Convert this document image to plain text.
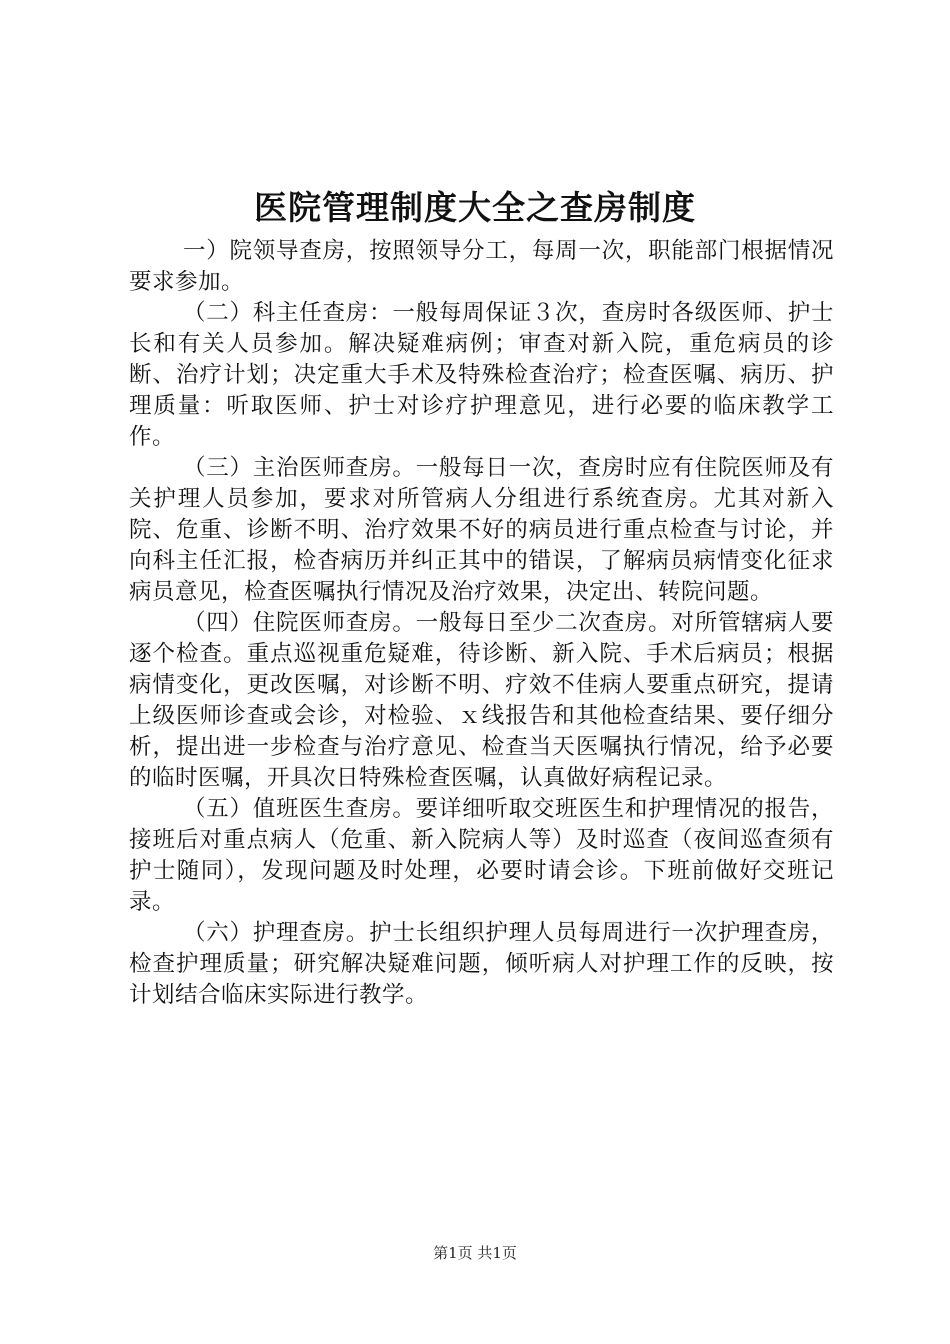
医院管理制度大全之查房制度

一）院领导查房，按照领导分工，每周一次，职能部门根据情况要求参加。

（二）科主任查房：一般每周保证３次，查房时各级医师、护士长和有关人员参加。解决疑难病例；审查对新入院，重危病员的诊断、治疗计划；决定重大手术及特殊检查治疗；检查医嘱、病历、护理质量：听取医师、护士对诊疗护理意见，进行必要的临床教学工作。

（三）主治医师查房。一般每日一次，查房时应有住院医师及有关护理人员参加，要求对所管病人分组进行系统查房。尤其对新入院、危重、诊断不明、治疗效果不好的病员进行重点检查与讨论，并向科主任汇报，检杳病历并纠正其中的错误，了解病员病情变化征求病员意见，检查医嘱执行情况及治疗效果，决定出、转院问题。

（四）住院医师查房。一般每日至少二次查房。对所管辖病人要逐个检查。重点巡视重危疑难，待诊断、新入院、手术后病员；根据病情变化，更改医嘱，对诊断不明、疗效不佳病人要重点研究，提请上级医师诊查或会诊，对检验、ｘ线报告和其他检查结果、要仔细分析，提出进一步检查与治疗意见、检查当天医嘱执行情况，给予必要的临时医嘱，开具次日特殊检查医嘱，认真做好病程记录。

（五）值班医生查房。要详细听取交班医生和护理情况的报告，接班后对重点病人（危重、新入院病人等）及时巡查（夜间巡查须有护士随同），发现问题及时处理，必要时请会诊。下班前做好交班记录。

（六）护理查房。护士长组织护理人员每周进行一次护理查房，检查护理质量；研究解决疑难问题，倾听病人对护理工作的反映，按计划结合临床实际进行教学。

第1页 共1页
